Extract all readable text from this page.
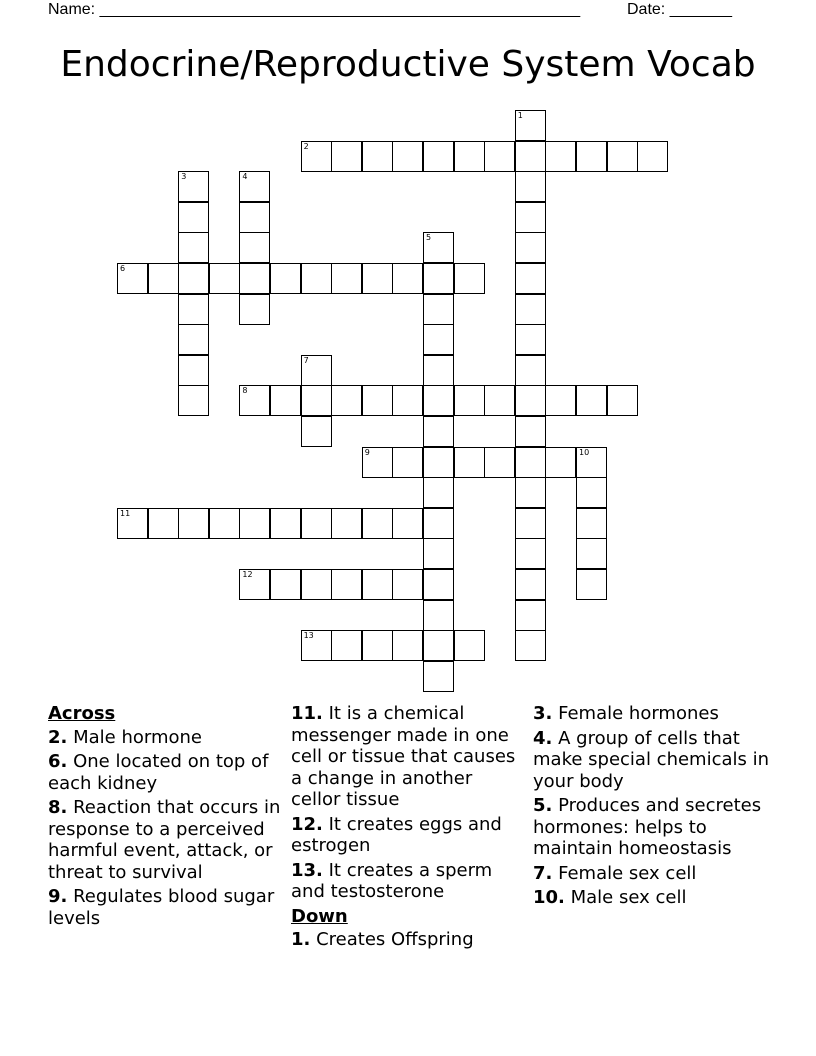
Name: ______________________________________________________	Date: _______
Endocrine/Reproductive System Vocab
1
2
3	4
5
6
7
8
9	10
11
12
13
Across
2. Male hormone
6. One located on top of each kidney
8. Reaction that occurs in response to a perceived harmful event, attack, or threat to survival
9. Regulates blood sugar levels
11. It is a chemical messenger made in one cell or tissue that causes a change in another cellor tissue
12. It creates eggs and estrogen
13. It creates a sperm and testosterone
Down
1. Creates Offspring
3. Female hormones
4. A group of cells that make special chemicals in your body
5. Produces and secretes hormones: helps to maintain homeostasis
7. Female sex cell
10. Male sex cell
